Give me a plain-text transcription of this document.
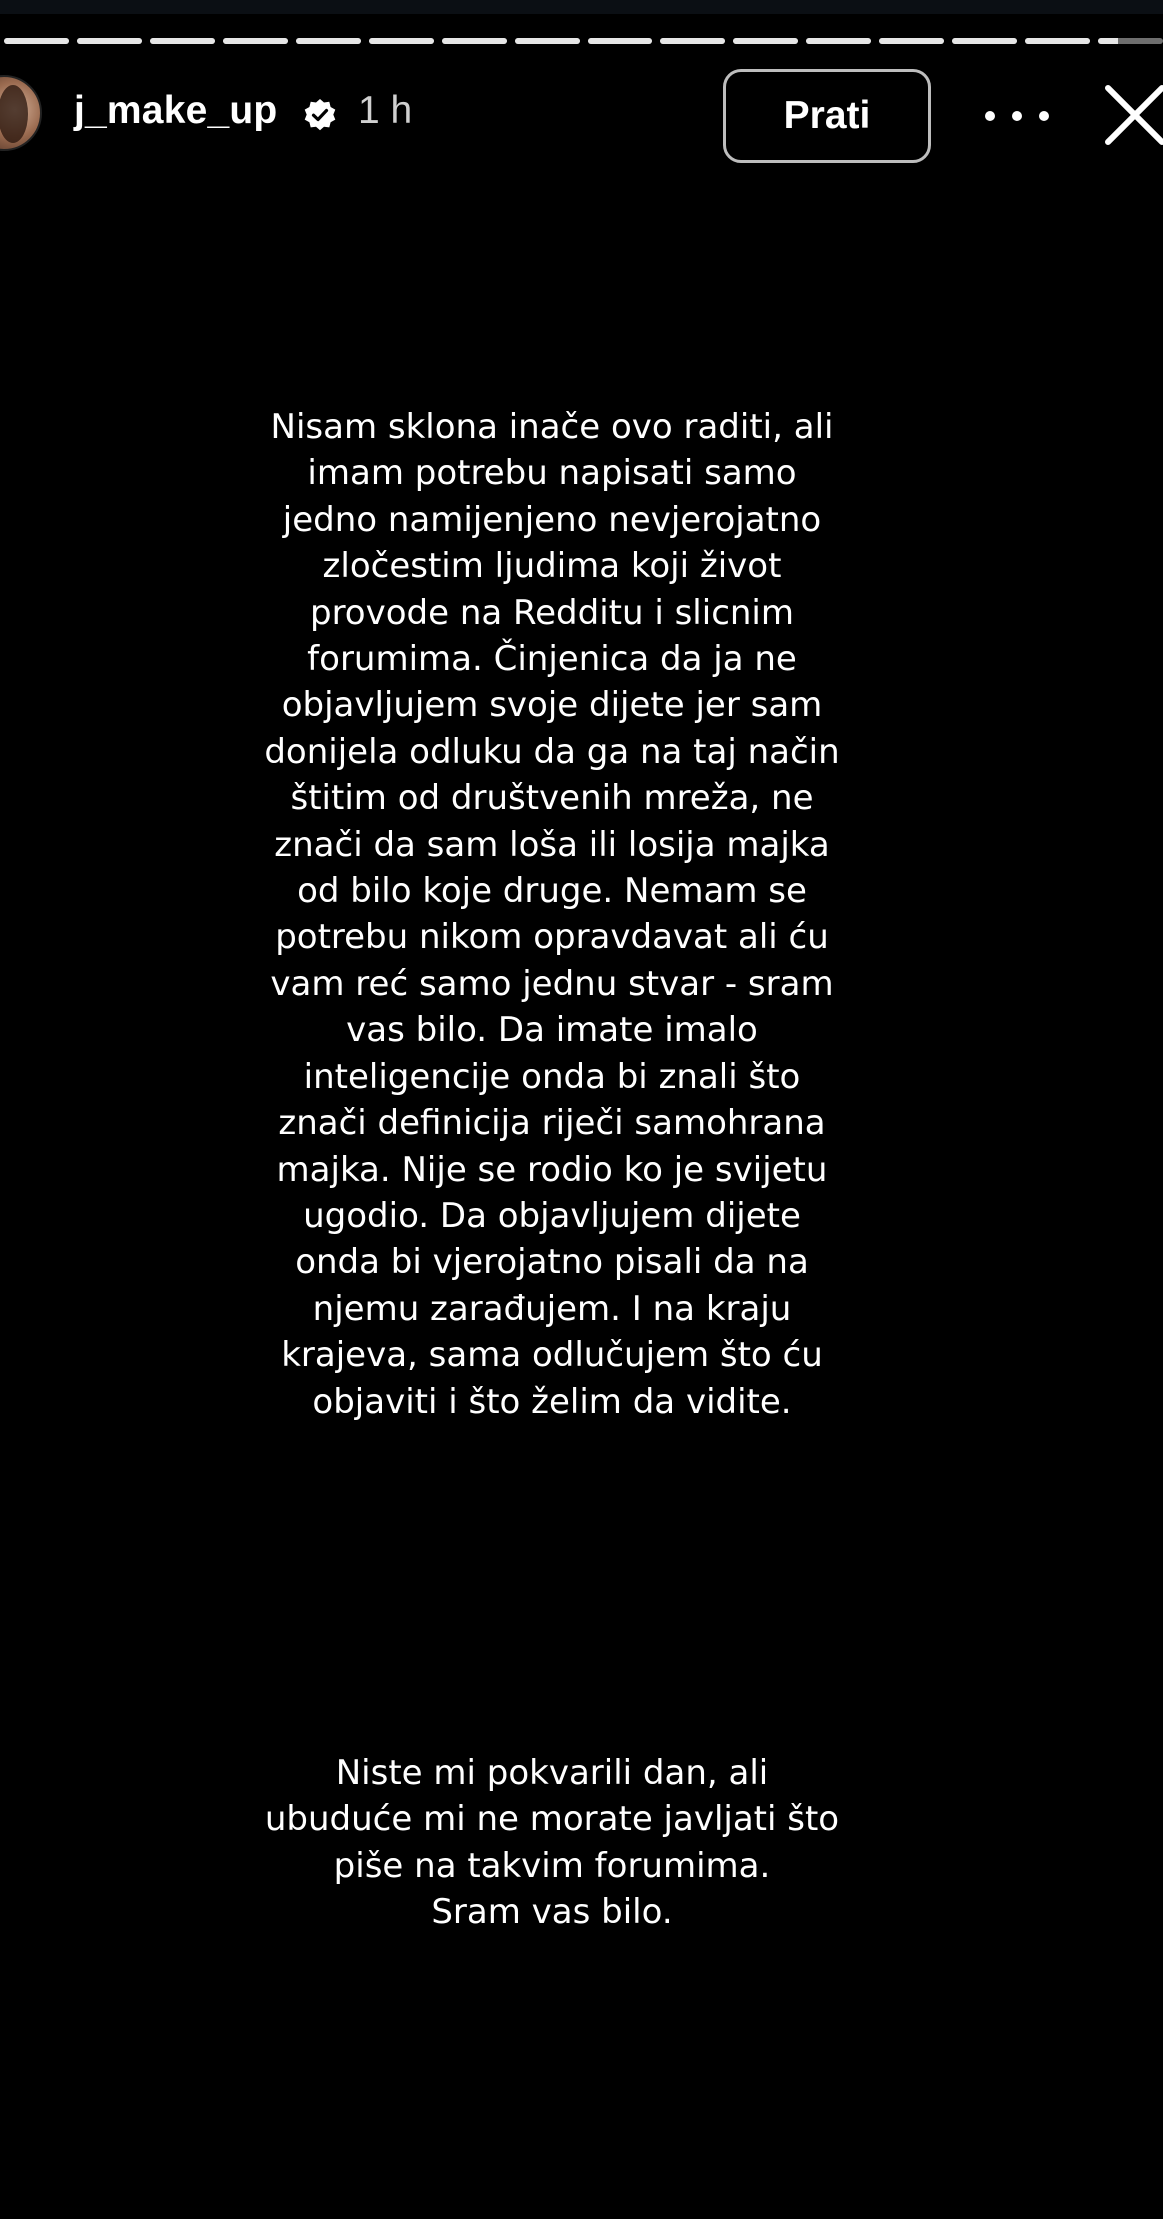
j_make_up 1 h	Prati

Nisam sklona inače ovo raditi, ali imam potrebu napisati samo jedno namijenjeno nevjerojatno zločestim ljudima koji život provode na Redditu i slicnim forumima. Činjenica da ja ne objavljujem svoje dijete jer sam donijela odluku da ga na taj način štitim od društvenih mreža, ne znači da sam loša ili losija majka od bilo koje druge. Nemam se potrebu nikom opravdavat ali ću vam reć samo jednu stvar - sram vas bilo. Da imate imalo inteligencije onda bi znali što znači definicija riječi samohrana majka. Nije se rodio ko je svijetu ugodio. Da objavljujem dijete onda bi vjerojatno pisali da na njemu zarađujem. I na kraju krajeva, sama odlučujem što ću objaviti i što želim da vidite.

Niste mi pokvarili dan, ali ubuduće mi ne morate javljati što piše na takvim forumima.

Sram vas bilo.
